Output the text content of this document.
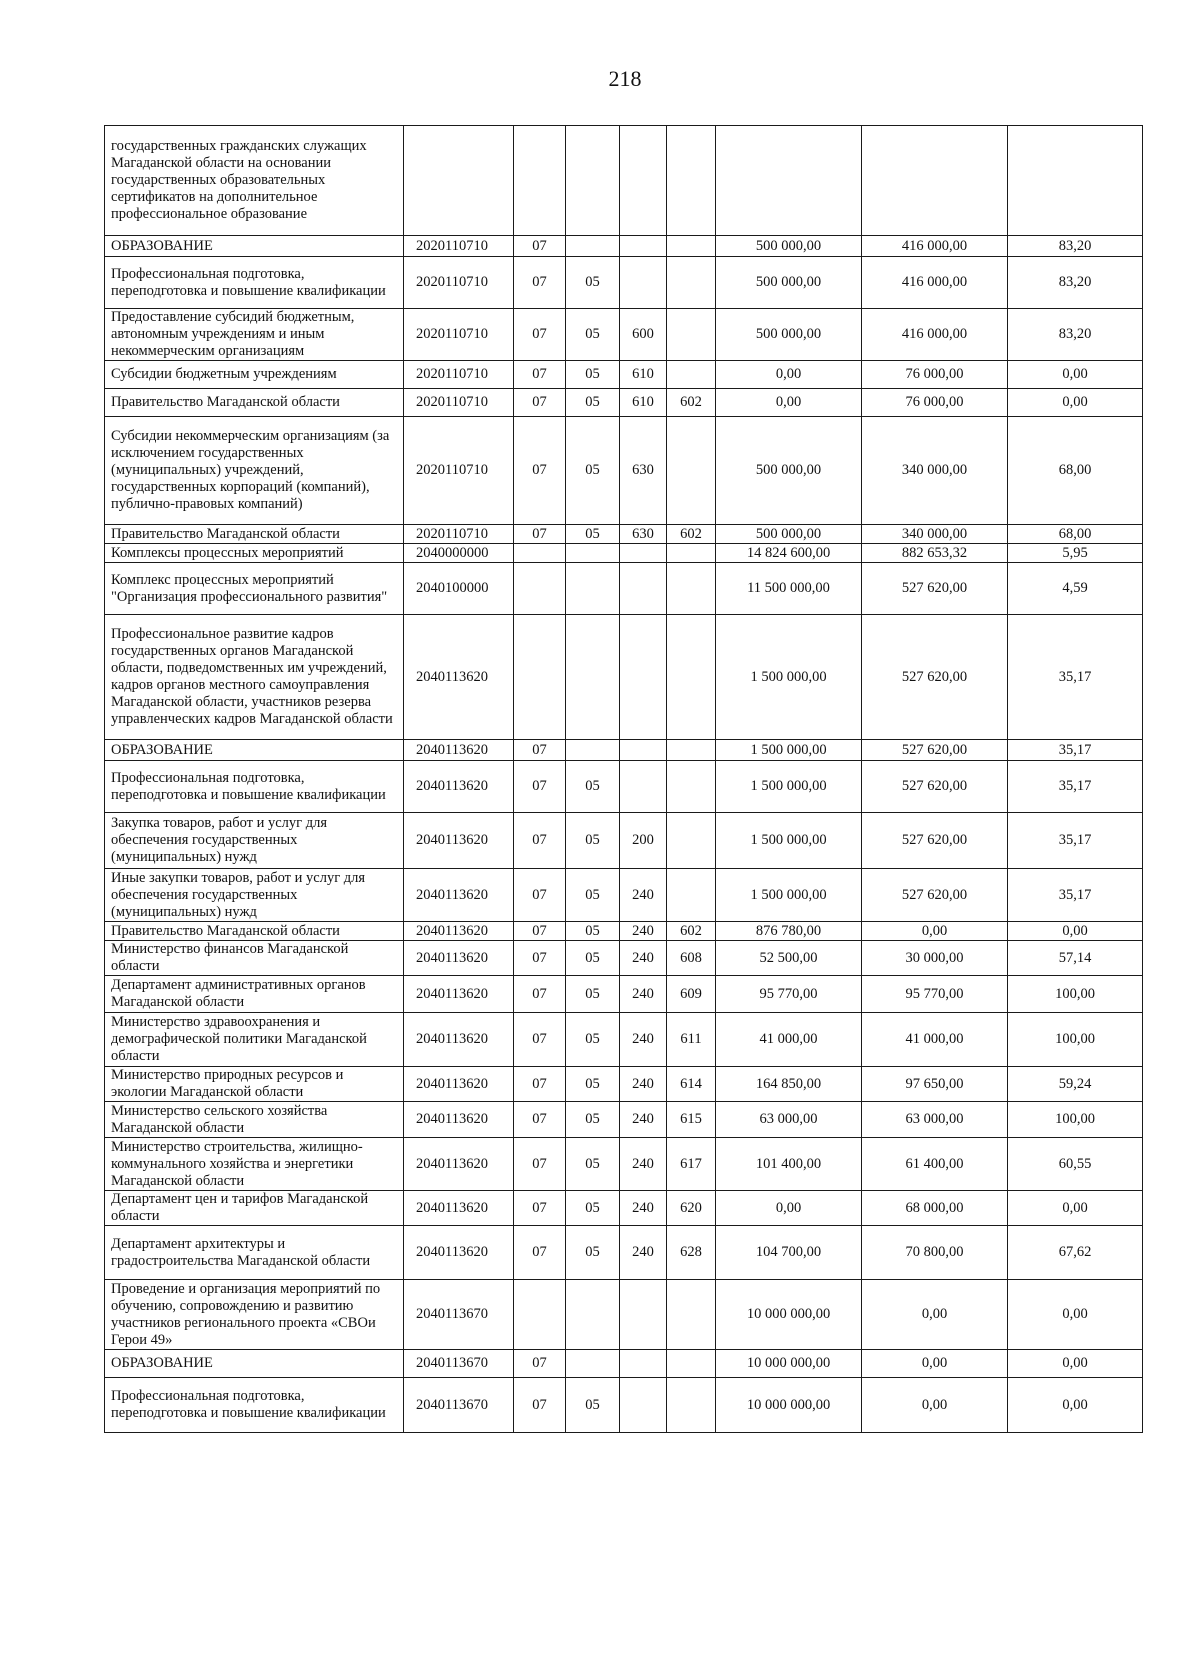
218
государственных гражданских служащих Магаданской области на основании государственных образовательных сертификатов на дополнительное профессиональное образование								
ОБРАЗОВАНИЕ	2020110710	07				500 000,00	416 000,00	83,20
Профессиональная подготовка, переподготовка и повышение квалификации	2020110710	07	05			500 000,00	416 000,00	83,20
Предоставление субсидий бюджетным, автономным учреждениям и иным некоммерческим организациям	2020110710	07	05	600		500 000,00	416 000,00	83,20
Субсидии бюджетным учреждениям	2020110710	07	05	610		0,00	76 000,00	0,00
Правительство Магаданской области	2020110710	07	05	610	602	0,00	76 000,00	0,00
Субсидии некоммерческим организациям (за исключением государственных (муниципальных) учреждений, государственных корпораций (компаний), публично-правовых компаний)	2020110710	07	05	630		500 000,00	340 000,00	68,00
Правительство Магаданской области	2020110710	07	05	630	602	500 000,00	340 000,00	68,00
Комплексы процессных мероприятий	2040000000					14 824 600,00	882 653,32	5,95
Комплекс процессных мероприятий "Организация профессионального развития"	2040100000					11 500 000,00	527 620,00	4,59
Профессиональное развитие кадров государственных органов Магаданской области, подведомственных им учреждений, кадров органов местного самоуправления Магаданской области, участников резерва управленческих кадров Магаданской области	2040113620					1 500 000,00	527 620,00	35,17
ОБРАЗОВАНИЕ	2040113620	07				1 500 000,00	527 620,00	35,17
Профессиональная подготовка, переподготовка и повышение квалификации	2040113620	07	05			1 500 000,00	527 620,00	35,17
Закупка товаров, работ и услуг для обеспечения государственных (муниципальных) нужд	2040113620	07	05	200		1 500 000,00	527 620,00	35,17
Иные закупки товаров, работ и услуг для обеспечения государственных (муниципальных) нужд	2040113620	07	05	240		1 500 000,00	527 620,00	35,17
Правительство Магаданской области	2040113620	07	05	240	602	876 780,00	0,00	0,00
Министерство финансов Магаданской области	2040113620	07	05	240	608	52 500,00	30 000,00	57,14
Департамент административных органов Магаданской области	2040113620	07	05	240	609	95 770,00	95 770,00	100,00
Министерство здравоохранения и демографической политики Магаданской области	2040113620	07	05	240	611	41 000,00	41 000,00	100,00
Министерство природных ресурсов и экологии Магаданской области	2040113620	07	05	240	614	164 850,00	97 650,00	59,24
Министерство сельского хозяйства Магаданской области	2040113620	07	05	240	615	63 000,00	63 000,00	100,00
Министерство строительства, жилищно-коммунального хозяйства и энергетики Магаданской области	2040113620	07	05	240	617	101 400,00	61 400,00	60,55
Департамент цен и тарифов Магаданской области	2040113620	07	05	240	620	0,00	68 000,00	0,00
Департамент архитектуры и градостроительства Магаданской области	2040113620	07	05	240	628	104 700,00	70 800,00	67,62
Проведение и организация мероприятий по обучению, сопровождению и развитию участников регионального проекта «СВОи Герои 49»	2040113670					10 000 000,00	0,00	0,00
ОБРАЗОВАНИЕ	2040113670	07				10 000 000,00	0,00	0,00
Профессиональная подготовка, переподготовка и повышение квалификации	2040113670	07	05			10 000 000,00	0,00	0,00
